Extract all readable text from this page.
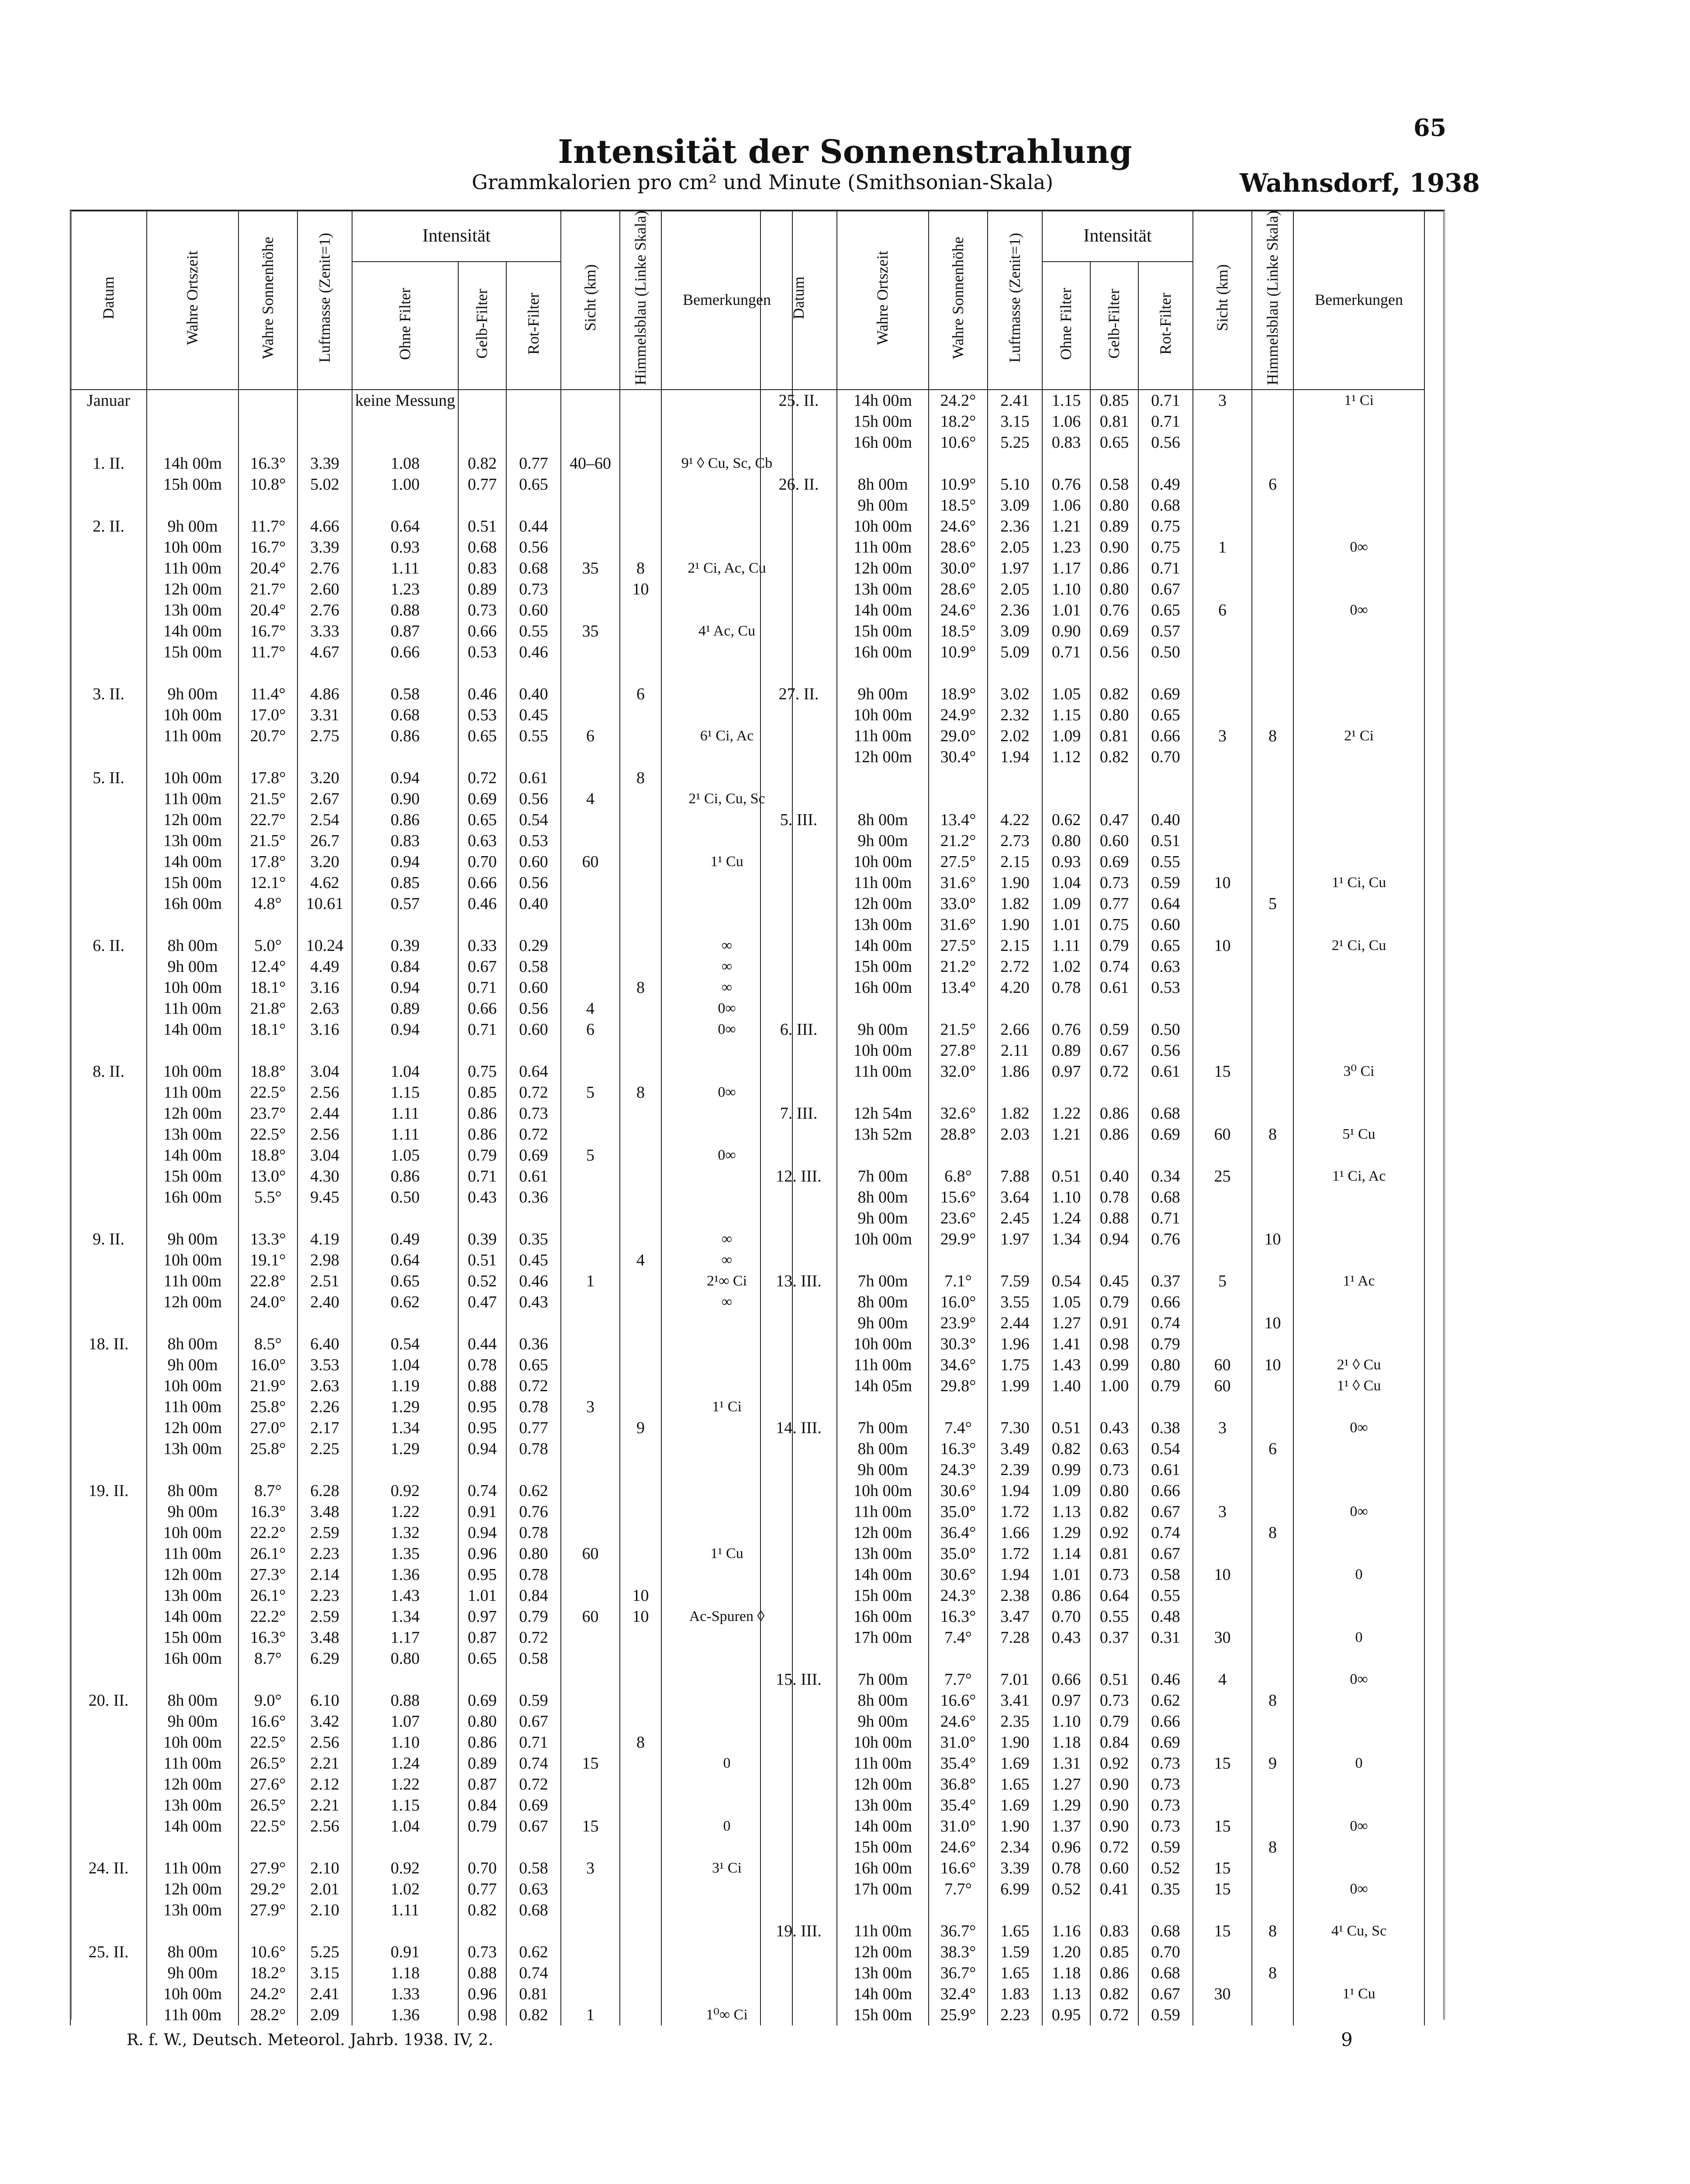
65
Intensität der Sonnenstrahlung
Grammkalorien pro cm² und Minute (Smithsonian-Skala)	Wahnsdorf, 1938
Datum	Wahre Ortszeit	Wahre Sonnenhöhe	Luftmasse (Zenit=1)	Intensität			Sicht (km)	Himmelsblau (Linke Skala)	Bemerkungen
				Ohne Filter	Gelb-Filter	Rot-Filter			
Januar				keine Messung					

1. II.	14h 00m	16.3°	3.39	1.08	0.82	0.77	40–60		9¹ ◊ Cu, Sc, Cb
	15h 00m	10.8°	5.02	1.00	0.77	0.65			

2. II.	9h 00m	11.7°	4.66	0.64	0.51	0.44			
	10h 00m	16.7°	3.39	0.93	0.68	0.56			
	11h 00m	20.4°	2.76	1.11	0.83	0.68	35	8	2¹ Ci, Ac, Cu
	12h 00m	21.7°	2.60	1.23	0.89	0.73		10	
	13h 00m	20.4°	2.76	0.88	0.73	0.60			
	14h 00m	16.7°	3.33	0.87	0.66	0.55	35		4¹ Ac, Cu
	15h 00m	11.7°	4.67	0.66	0.53	0.46			

3. II.	9h 00m	11.4°	4.86	0.58	0.46	0.40		6	
	10h 00m	17.0°	3.31	0.68	0.53	0.45			
	11h 00m	20.7°	2.75	0.86	0.65	0.55	6		6¹ Ci, Ac

5. II.	10h 00m	17.8°	3.20	0.94	0.72	0.61		8	
	11h 00m	21.5°	2.67	0.90	0.69	0.56	4		2¹ Ci, Cu, Sc
	12h 00m	22.7°	2.54	0.86	0.65	0.54			
	13h 00m	21.5°	26.7	0.83	0.63	0.53			
	14h 00m	17.8°	3.20	0.94	0.70	0.60	60		1¹ Cu
	15h 00m	12.1°	4.62	0.85	0.66	0.56			
	16h 00m	4.8°	10.61	0.57	0.46	0.40			

6. II.	8h 00m	5.0°	10.24	0.39	0.33	0.29			∞
	9h 00m	12.4°	4.49	0.84	0.67	0.58			∞
	10h 00m	18.1°	3.16	0.94	0.71	0.60		8	∞
	11h 00m	21.8°	2.63	0.89	0.66	0.56	4		0∞
	14h 00m	18.1°	3.16	0.94	0.71	0.60	6		0∞

8. II.	10h 00m	18.8°	3.04	1.04	0.75	0.64			
	11h 00m	22.5°	2.56	1.15	0.85	0.72	5	8	0∞
	12h 00m	23.7°	2.44	1.11	0.86	0.73			
	13h 00m	22.5°	2.56	1.11	0.86	0.72			
	14h 00m	18.8°	3.04	1.05	0.79	0.69	5		0∞
	15h 00m	13.0°	4.30	0.86	0.71	0.61			
	16h 00m	5.5°	9.45	0.50	0.43	0.36			

9. II.	9h 00m	13.3°	4.19	0.49	0.39	0.35			∞
	10h 00m	19.1°	2.98	0.64	0.51	0.45		4	∞
	11h 00m	22.8°	2.51	0.65	0.52	0.46	1		2¹∞ Ci
	12h 00m	24.0°	2.40	0.62	0.47	0.43			∞

18. II.	8h 00m	8.5°	6.40	0.54	0.44	0.36			
	9h 00m	16.0°	3.53	1.04	0.78	0.65			
	10h 00m	21.9°	2.63	1.19	0.88	0.72			
	11h 00m	25.8°	2.26	1.29	0.95	0.78	3		1¹ Ci
	12h 00m	27.0°	2.17	1.34	0.95	0.77		9	
	13h 00m	25.8°	2.25	1.29	0.94	0.78			

19. II.	8h 00m	8.7°	6.28	0.92	0.74	0.62			
	9h 00m	16.3°	3.48	1.22	0.91	0.76			
	10h 00m	22.2°	2.59	1.32	0.94	0.78			
	11h 00m	26.1°	2.23	1.35	0.96	0.80	60		1¹ Cu
	12h 00m	27.3°	2.14	1.36	0.95	0.78			
	13h 00m	26.1°	2.23	1.43	1.01	0.84		10	
	14h 00m	22.2°	2.59	1.34	0.97	0.79	60	10	Ac-Spuren ◊
	15h 00m	16.3°	3.48	1.17	0.87	0.72			
	16h 00m	8.7°	6.29	0.80	0.65	0.58			

20. II.	8h 00m	9.0°	6.10	0.88	0.69	0.59			
	9h 00m	16.6°	3.42	1.07	0.80	0.67			
	10h 00m	22.5°	2.56	1.10	0.86	0.71		8	
	11h 00m	26.5°	2.21	1.24	0.89	0.74	15		0
	12h 00m	27.6°	2.12	1.22	0.87	0.72			
	13h 00m	26.5°	2.21	1.15	0.84	0.69			
	14h 00m	22.5°	2.56	1.04	0.79	0.67	15		0

24. II.	11h 00m	27.9°	2.10	0.92	0.70	0.58	3		3¹ Ci
	12h 00m	29.2°	2.01	1.02	0.77	0.63			
	13h 00m	27.9°	2.10	1.11	0.82	0.68			

25. II.	8h 00m	10.6°	5.25	0.91	0.73	0.62			
	9h 00m	18.2°	3.15	1.18	0.88	0.74			
	10h 00m	24.2°	2.41	1.33	0.96	0.81			
	11h 00m	28.2°	2.09	1.36	0.98	0.82	1		1⁰∞ Ci
Datum	Wahre Ortszeit	Wahre Sonnenhöhe	Luftmasse (Zenit=1)	Intensität			Sicht (km)	Himmelsblau (Linke Skala)	Bemerkungen
				Ohne Filter	Gelb-Filter	Rot-Filter			
25. II.	14h 00m	24.2°	2.41	1.15	0.85	0.71	3		1¹ Ci
	15h 00m	18.2°	3.15	1.06	0.81	0.71			
	16h 00m	10.6°	5.25	0.83	0.65	0.56			

26. II.	8h 00m	10.9°	5.10	0.76	0.58	0.49		6	
	9h 00m	18.5°	3.09	1.06	0.80	0.68			
	10h 00m	24.6°	2.36	1.21	0.89	0.75			
	11h 00m	28.6°	2.05	1.23	0.90	0.75	1		0∞
	12h 00m	30.0°	1.97	1.17	0.86	0.71			
	13h 00m	28.6°	2.05	1.10	0.80	0.67			
	14h 00m	24.6°	2.36	1.01	0.76	0.65	6		0∞
	15h 00m	18.5°	3.09	0.90	0.69	0.57			
	16h 00m	10.9°	5.09	0.71	0.56	0.50			

27. II.	9h 00m	18.9°	3.02	1.05	0.82	0.69			
	10h 00m	24.9°	2.32	1.15	0.80	0.65			
	11h 00m	29.0°	2.02	1.09	0.81	0.66	3	8	2¹ Ci
	12h 00m	30.4°	1.94	1.12	0.82	0.70			

5. III.	8h 00m	13.4°	4.22	0.62	0.47	0.40			
	9h 00m	21.2°	2.73	0.80	0.60	0.51			
	10h 00m	27.5°	2.15	0.93	0.69	0.55			
	11h 00m	31.6°	1.90	1.04	0.73	0.59	10		1¹ Ci, Cu
	12h 00m	33.0°	1.82	1.09	0.77	0.64		5	
	13h 00m	31.6°	1.90	1.01	0.75	0.60			
	14h 00m	27.5°	2.15	1.11	0.79	0.65	10		2¹ Ci, Cu
	15h 00m	21.2°	2.72	1.02	0.74	0.63			
	16h 00m	13.4°	4.20	0.78	0.61	0.53			

6. III.	9h 00m	21.5°	2.66	0.76	0.59	0.50			
	10h 00m	27.8°	2.11	0.89	0.67	0.56			
	11h 00m	32.0°	1.86	0.97	0.72	0.61	15		3⁰ Ci

7. III.	12h 54m	32.6°	1.82	1.22	0.86	0.68			
	13h 52m	28.8°	2.03	1.21	0.86	0.69	60	8	5¹ Cu

12. III.	7h 00m	6.8°	7.88	0.51	0.40	0.34	25		1¹ Ci, Ac
	8h 00m	15.6°	3.64	1.10	0.78	0.68			
	9h 00m	23.6°	2.45	1.24	0.88	0.71			
	10h 00m	29.9°	1.97	1.34	0.94	0.76		10	

13. III.	7h 00m	7.1°	7.59	0.54	0.45	0.37	5		1¹ Ac
	8h 00m	16.0°	3.55	1.05	0.79	0.66			
	9h 00m	23.9°	2.44	1.27	0.91	0.74		10	
	10h 00m	30.3°	1.96	1.41	0.98	0.79			
	11h 00m	34.6°	1.75	1.43	0.99	0.80	60	10	2¹ ◊ Cu
	14h 05m	29.8°	1.99	1.40	1.00	0.79	60		1¹ ◊ Cu

14. III.	7h 00m	7.4°	7.30	0.51	0.43	0.38	3		0∞
	8h 00m	16.3°	3.49	0.82	0.63	0.54		6	
	9h 00m	24.3°	2.39	0.99	0.73	0.61			
	10h 00m	30.6°	1.94	1.09	0.80	0.66			
	11h 00m	35.0°	1.72	1.13	0.82	0.67	3		0∞
	12h 00m	36.4°	1.66	1.29	0.92	0.74		8	
	13h 00m	35.0°	1.72	1.14	0.81	0.67			
	14h 00m	30.6°	1.94	1.01	0.73	0.58	10		0
	15h 00m	24.3°	2.38	0.86	0.64	0.55			
	16h 00m	16.3°	3.47	0.70	0.55	0.48			
	17h 00m	7.4°	7.28	0.43	0.37	0.31	30		0

15. III.	7h 00m	7.7°	7.01	0.66	0.51	0.46	4		0∞
	8h 00m	16.6°	3.41	0.97	0.73	0.62		8	
	9h 00m	24.6°	2.35	1.10	0.79	0.66			
	10h 00m	31.0°	1.90	1.18	0.84	0.69			
	11h 00m	35.4°	1.69	1.31	0.92	0.73	15	9	0
	12h 00m	36.8°	1.65	1.27	0.90	0.73			
	13h 00m	35.4°	1.69	1.29	0.90	0.73			
	14h 00m	31.0°	1.90	1.37	0.90	0.73	15		0∞
	15h 00m	24.6°	2.34	0.96	0.72	0.59		8	
	16h 00m	16.6°	3.39	0.78	0.60	0.52	15		
	17h 00m	7.7°	6.99	0.52	0.41	0.35	15		0∞

19. III.	11h 00m	36.7°	1.65	1.16	0.83	0.68	15	8	4¹ Cu, Sc
	12h 00m	38.3°	1.59	1.20	0.85	0.70			
	13h 00m	36.7°	1.65	1.18	0.86	0.68		8	
	14h 00m	32.4°	1.83	1.13	0.82	0.67	30		1¹ Cu
	15h 00m	25.9°	2.23	0.95	0.72	0.59			
R. f. W., Deutsch. Meteorol. Jahrb. 1938. IV, 2.	9
